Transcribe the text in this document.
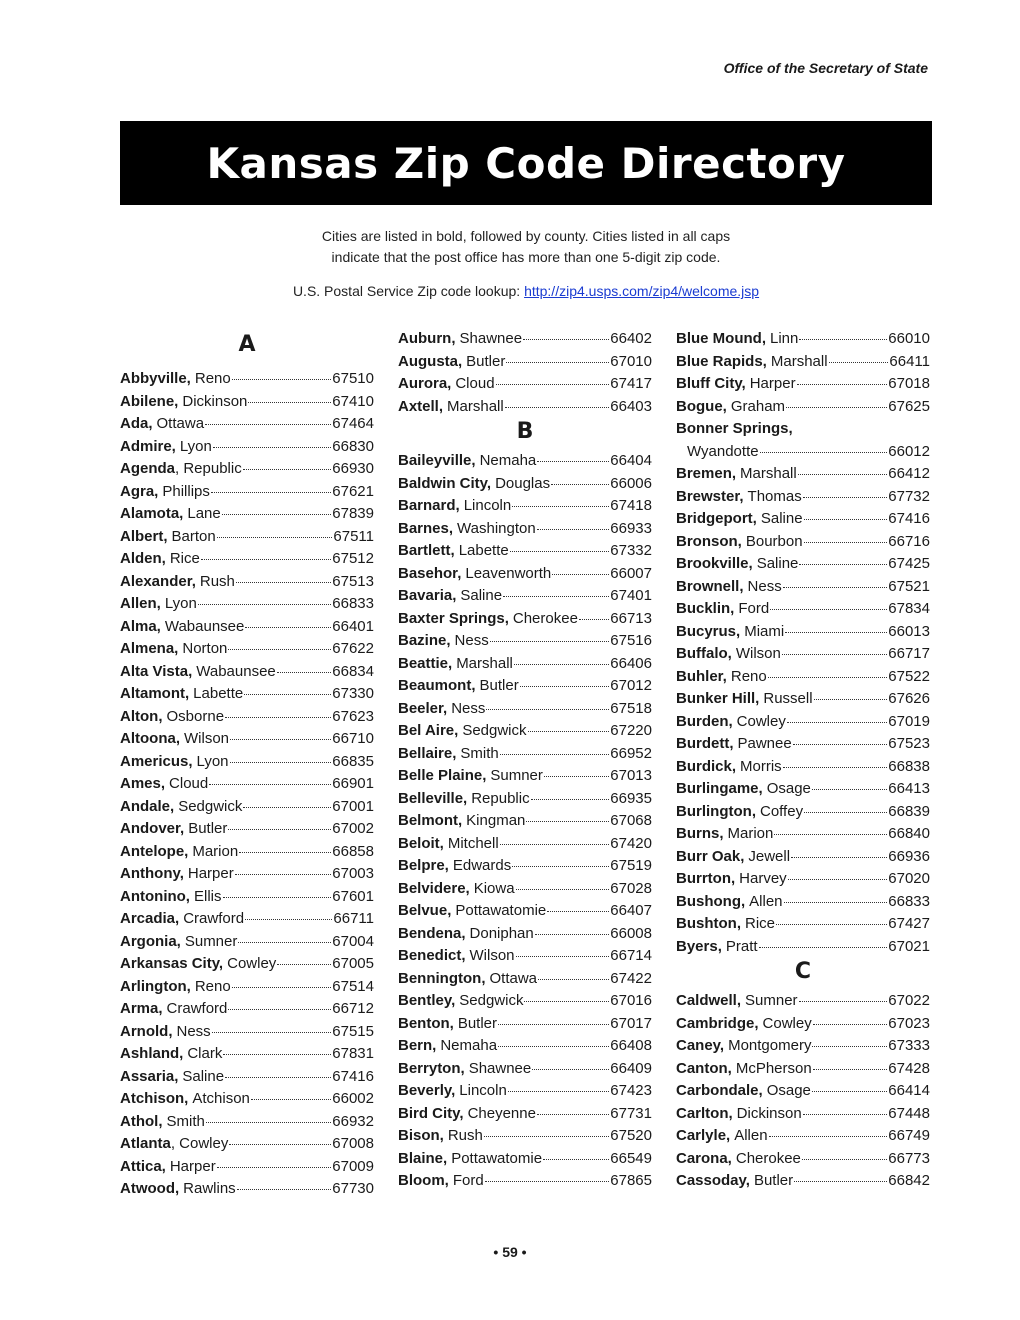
Office of the Secretary of State
Kansas Zip Code Directory

Cities are listed in bold, followed by county. Cities listed in all caps

indicate that the post office has more than one 5-digit zip code.

U.S. Postal Service Zip code lookup: http://zip4.usps.com/zip4/welcome.jsp
A
Abbyville, Reno	67510
Abilene, Dickinson	67410
Ada, Ottawa	67464
Admire, Lyon	66830
Agenda , Republic	66930
Agra, Phillips	67621
Alamota, Lane	67839
Albert, Barton	67511
Alden, Rice	67512
Alexander, Rush	67513
Allen, Lyon	66833
Alma, Wabaunsee	66401
Almena, Norton	67622
Alta Vista, Wabaunsee	66834
Altamont, Labette	67330
Alton, Osborne	67623
Altoona, Wilson	66710
Americus, Lyon	66835
Ames, Cloud	66901
Andale, Sedgwick	67001
Andover, Butler	67002
Antelope, Marion	66858
Anthony, Harper	67003
Antonino, Ellis	67601
Arcadia, Crawford	66711
Argonia, Sumner	67004
Arkansas City, Cowley	67005
Arlington, Reno	67514
Arma, Crawford	66712
Arnold, Ness	67515
Ashland, Clark	67831
Assaria, Saline	67416
Atchison, Atchison	66002
Athol, Smith	66932
Atlanta , Cowley	67008
Attica, Harper	67009
Atwood, Rawlins	67730
Auburn, Shawnee	66402
Augusta, Butler	67010
Aurora, Cloud	67417
Axtell, Marshall	66403
B
Baileyville, Nemaha	66404
Baldwin City, Douglas	66006
Barnard, Lincoln	67418
Barnes, Washington	66933
Bartlett, Labette	67332
Basehor, Leavenworth	66007
Bavaria, Saline	67401
Baxter Springs, Cherokee 66713
Bazine, Ness	67516
Beattie, Marshall	66406
Beaumont, Butler	67012
Beeler, Ness	67518
Bel Aire, Sedgwick	67220
Bellaire, Smith	66952
Belle Plaine, Sumner	67013
Belleville, Republic	66935
Belmont, Kingman	67068
Beloit, Mitchell	67420
Belpre, Edwards	67519
Belvidere, Kiowa	67028
Belvue, Pottawatomie	66407
Bendena, Doniphan	66008
Benedict, Wilson	66714
Bennington, Ottawa	67422
Bentley, Sedgwick	67016
Benton, Butler	67017
Bern, Nemaha	66408
Berryton, Shawnee	66409
Beverly, Lincoln	67423
Bird City, Cheyenne	67731
Bison, Rush	67520
Blaine, Pottawatomie	66549
Bloom, Ford	67865
Blue Mound, Linn	66010
Blue Rapids, Marshall	66411
Bluff City, Harper	67018
Bogue, Graham	67625
Bonner Springs,
Wyandotte	66012
Bremen, Marshall	66412
Brewster, Thomas	67732
Bridgeport, Saline	67416
Bronson, Bourbon	66716
Brookville, Saline	67425
Brownell, Ness	67521
Bucklin, Ford	67834
Bucyrus, Miami	66013
Buffalo, Wilson	66717
Buhler, Reno	67522
Bunker Hill, Russell	67626
Burden, Cowley	67019
Burdett, Pawnee	67523
Burdick, Morris	66838
Burlingame, Osage	66413
Burlington, Coffey	66839
Burns, Marion	66840
Burr Oak, Jewell	66936
Burrton, Harvey	67020
Bushong, Allen	66833
Bushton, Rice	67427
Byers, Pratt	67021
C
Caldwell, Sumner	67022
Cambridge, Cowley	67023
Caney, Montgomery	67333
Canton, McPherson	67428
Carbondale, Osage	66414
Carlton, Dickinson	67448
Carlyle, Allen	66749
Carona, Cherokee	66773
Cassoday, Butler	66842
• 59 •
